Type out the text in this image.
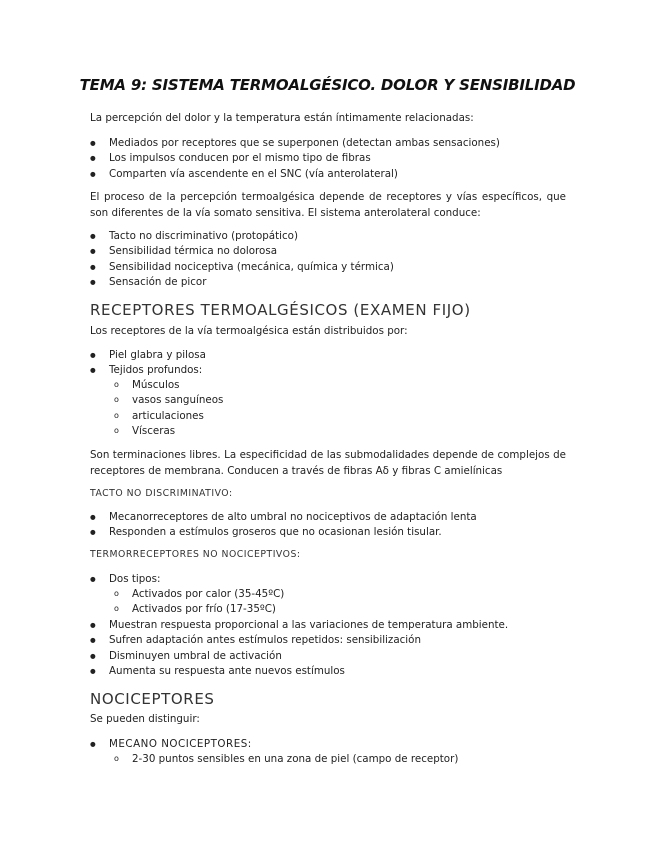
TEMA 9: SISTEMA TERMOALGÉSICO. DOLOR Y SENSIBILIDAD
La percepción del dolor y la temperatura están íntimamente relacionadas:
● Mediados por receptores que se superponen (detectan ambas sensaciones)
● Los impulsos conducen por el mismo tipo de fibras
● Comparten vía ascendente en el SNC (vía anterolateral)
El proceso de la percepción termoalgésica depende de receptores y vías específicos, que son diferentes de la vía somato sensitiva. El sistema anterolateral conduce:
● Tacto no discriminativo (protopático)
● Sensibilidad térmica no dolorosa
● Sensibilidad nociceptiva (mecánica, química y térmica)
● Sensación de picor
RECEPTORES TERMOALGÉSICOS (EXAMEN FIJO)
Los receptores de la vía termoalgésica están distribuidos por:
● Piel glabra y pilosa
● Tejidos profundos:
o Músculos
o vasos sanguíneos
o articulaciones
o Vísceras
Son terminaciones libres. La especificidad de las submodalidades depende de complejos de receptores de membrana. Conducen a través de fibras Aδ y fibras C amielínicas
TACTO NO DISCRIMINATIVO:
● Mecanorreceptores de alto umbral no nociceptivos de adaptación lenta
● Responden a estímulos groseros que no ocasionan lesión tisular.
TERMORRECEPTORES NO NOCICEPTIVOS:
● Dos tipos:
o Activados por calor (35-45ºC)
o Activados por frío (17-35ºC)
● Muestran respuesta proporcional a las variaciones de temperatura ambiente.
● Sufren adaptación antes estímulos repetidos: sensibilización
● Disminuyen umbral de activación
● Aumenta su respuesta ante nuevos estímulos
NOCICEPTORES
Se pueden distinguir:
● MECANO NOCICEPTORES:
o 2-30 puntos sensibles en una zona de piel (campo de receptor)
